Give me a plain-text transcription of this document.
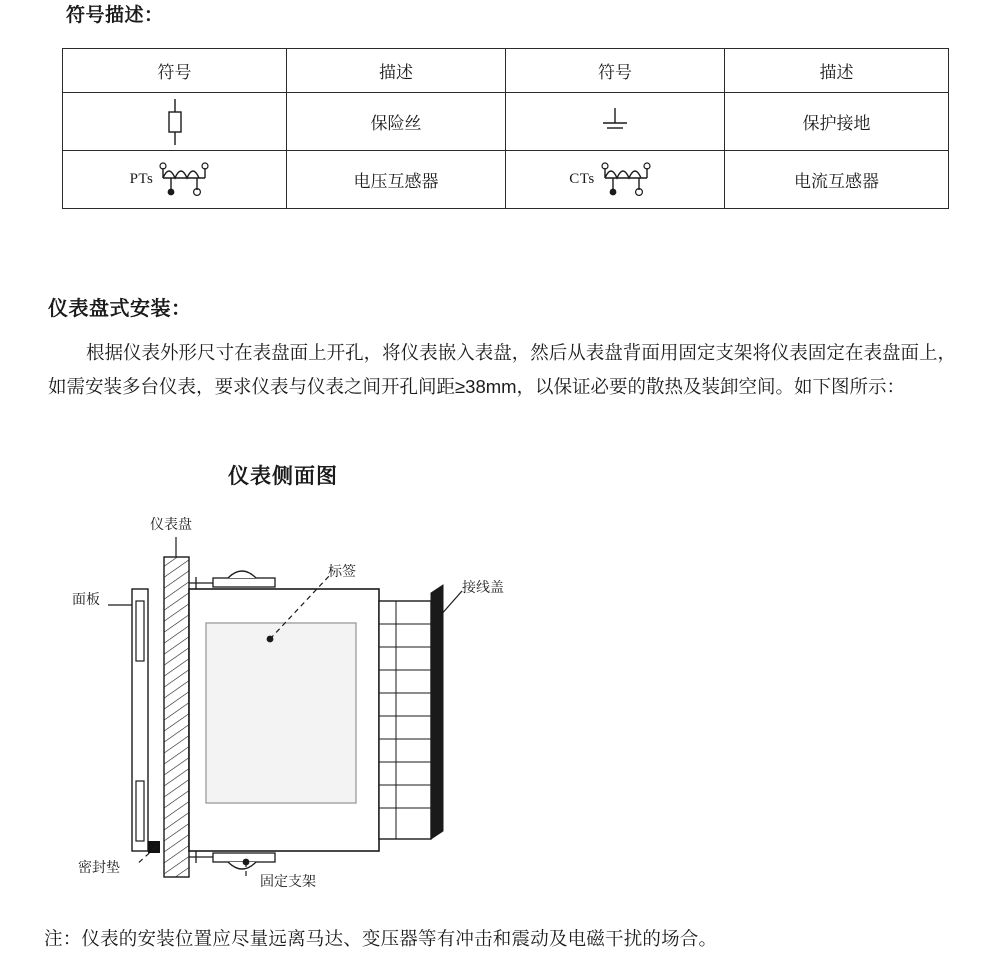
符号描述：
符号	描述	符号	描述

	保险丝		保护接地

PTs	电压互感器	CTs	电流互感器
仪表盘式安装：
根据仪表外形尺寸在表盘面上开孔，将仪表嵌入表盘，然后从表盘背面用固定支架将仪表固定在表盘面上，如需安装多台仪表，要求仪表与仪表之间开孔间距≥38mm，以保证必要的散热及装卸空间。如下图所示：
仪表侧面图
仪表盘
面板
标签
接线盖
密封垫
固定支架
注：仪表的安装位置应尽量远离马达、变压器等有冲击和震动及电磁干扰的场合。
